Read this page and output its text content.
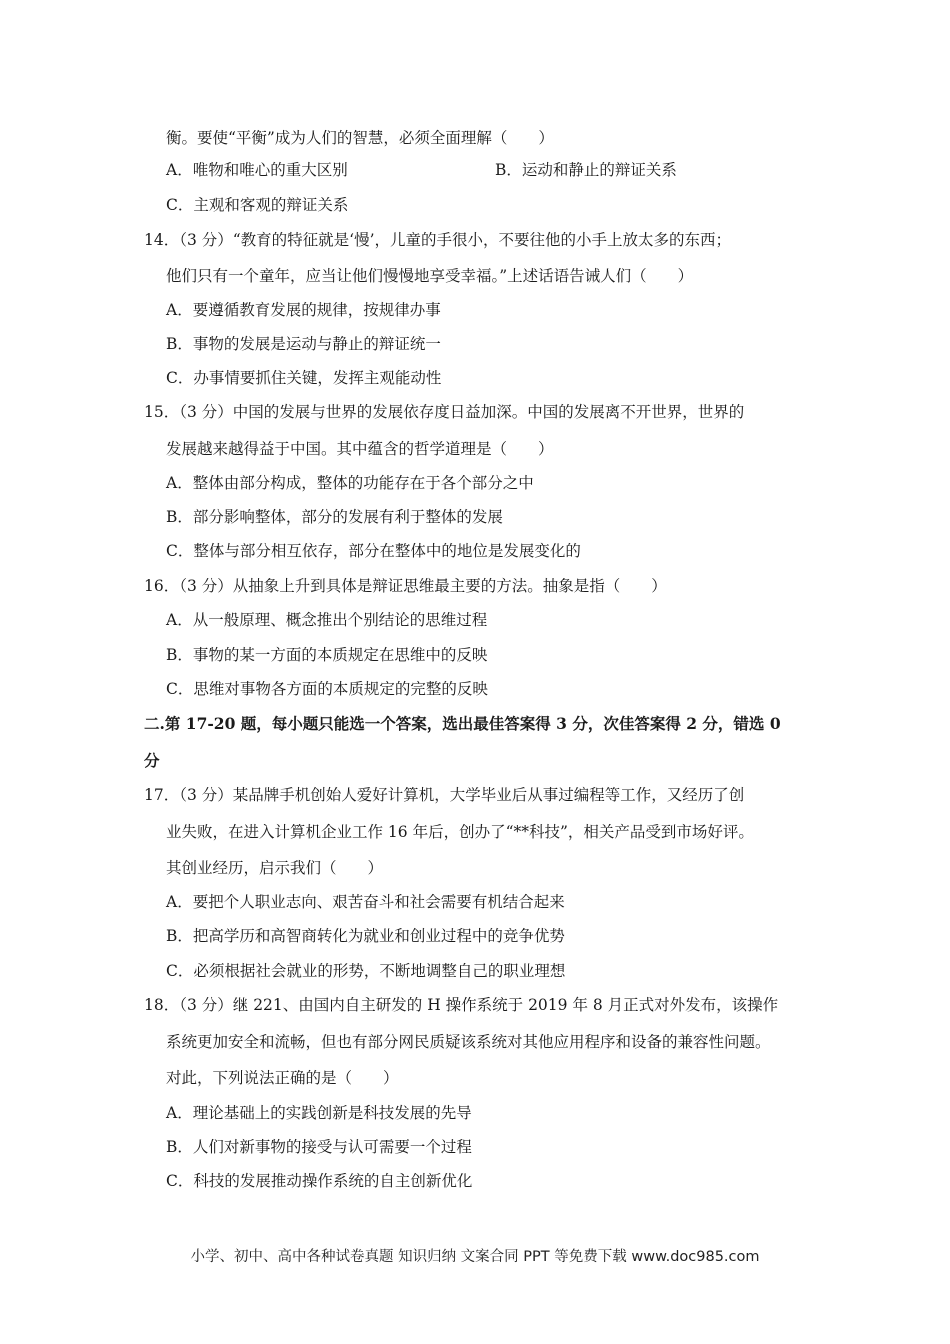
衡。要使“平衡”成为人们的智慧，必须全面理解（　　）
A．唯物和唯心的重大区别	B．运动和静止的辩证关系
C．主观和客观的辩证关系
14．（3 分）“教育的特征就是‘慢’，儿童的手很小，不要往他的小手上放太多的东西；
他们只有一个童年，应当让他们慢慢地享受幸福。”上述话语告诫人们（　　）
A．要遵循教育发展的规律，按规律办事
B．事物的发展是运动与静止的辩证统一
C．办事情要抓住关键，发挥主观能动性
15．（3 分）中国的发展与世界的发展依存度日益加深。中国的发展离不开世界，世界的
发展越来越得益于中国。其中蕴含的哲学道理是（　　）
A．整体由部分构成，整体的功能存在于各个部分之中
B．部分影响整体，部分的发展有利于整体的发展
C．整体与部分相互依存，部分在整体中的地位是发展变化的
16．（3 分）从抽象上升到具体是辩证思维最主要的方法。抽象是指（　　）
A．从一般原理、概念推出个别结论的思维过程
B．事物的某一方面的本质规定在思维中的反映
C．思维对事物各方面的本质规定的完整的反映
二.第 17-20 题，每小题只能选一个答案，选出最佳答案得 3 分，次佳答案得 2 分，错选 0
分
17．（3 分）某品牌手机创始人爱好计算机，大学毕业后从事过编程等工作，又经历了创
业失败，在进入计算机企业工作 16 年后，创办了“**科技”，相关产品受到市场好评。
其创业经历，启示我们（　　）
A．要把个人职业志向、艰苦奋斗和社会需要有机结合起来
B．把高学历和高智商转化为就业和创业过程中的竞争优势
C．必须根据社会就业的形势，不断地调整自己的职业理想
18．（3 分）继 221、由国内自主研发的 H 操作系统于 2019 年 8 月正式对外发布，该操作
系统更加安全和流畅，但也有部分网民质疑该系统对其他应用程序和设备的兼容性问题。
对此，下列说法正确的是（　　）
A．理论基础上的实践创新是科技发展的先导
B．人们对新事物的接受与认可需要一个过程
C．科技的发展推动操作系统的自主创新优化
小学、初中、高中各种试卷真题 知识归纳 文案合同 PPT 等免费下载 www.doc985.com
